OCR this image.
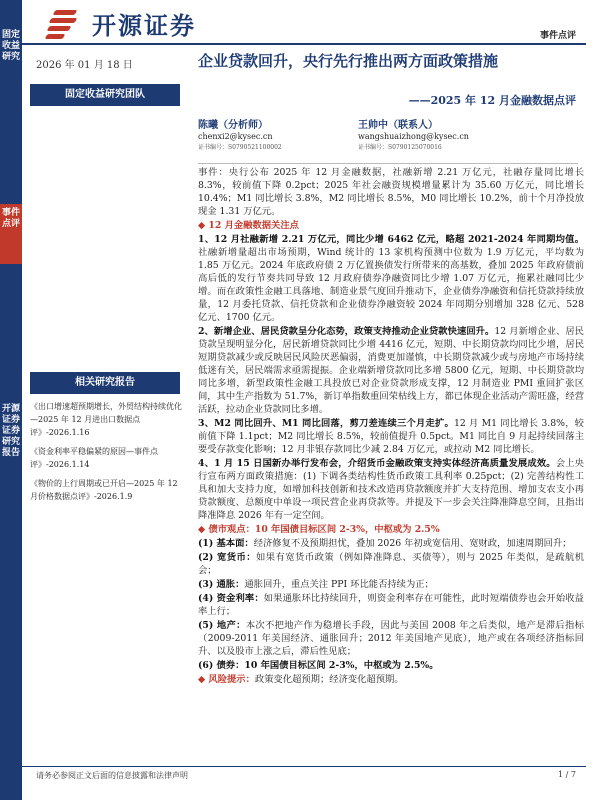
固定收益研究
事件点评
开源证券 证券研究报告
开源证券	事件点评
2026 年 01 月 18 日
固定收益研究团队
企业贷款回升，央行先行推出两方面政策措施
——2025 年 12 月金融数据点评
陈曦（分析师）
chenxi2@kysec.cn
证书编号：S0790521100002
王帅中（联系人）
wangshuaizhong@kysec.cn
证书编号：S0790125070016
相关研究报告
《出口增速超预期增长，外贸结构持续优化—2025 年 12 月进出口数据点评》-2026.1.16
《资金利率平稳偏紧的原因—事件点评》-2026.1.14
《物价的上行周期或已开启—2025 年 12 月价格数据点评》-2026.1.9

事件：央行公布 2025 年 12 月金融数据，社融新增 2.21 万亿元，社融存量同比增长 8.3%，较前值下降 0.2pct；2025 年社会融资规模增量累计为 35.60 万亿元，同比增长 10.4%；M1 同比增长 3.8%，M2 同比增长 8.5%，M0 同比增长 10.2%，前十个月净投放现金 1.31 万亿元。

◆ 12 月金融数据关注点

1、12 月社融新增 2.21 万亿元，同比少增 6462 亿元，略超 2021-2024 年同期均值。社融新增量超出市场预期，Wind 统计的 13 家机构预测中位数为 1.9 万亿元，平均数为 1.85 万亿元。2024 年底政府债 2 万亿置换债发行所带来的高基数，叠加 2025 年政府债前高后低的发行节奏共同导致 12 月政府债券净融资同比少增 1.07 万亿元，拖累社融同比少增。而在政策性金融工具落地、制造业景气度回升推动下，企业债券净融资和信托贷款持续放量，12 月委托贷款、信托贷款和企业债券净融资较 2024 年同期分别增加 328 亿元、528 亿元、1700 亿元。

2、新增企业、居民贷款呈分化态势，政策支持推动企业贷款快速回升。12 月新增企业、居民贷款呈现明显分化，居民新增贷款同比少增 4416 亿元，短期、中长期贷款均同比少增，居民短期贷款减少或反映居民风险厌恶偏弱，消费更加谨慎，中长期贷款减少或与房地产市场持续低迷有关，居民端需求亟需提振。企业端新增贷款同比多增 5800 亿元，短期、中长期贷款均同比多增，新型政策性金融工具投放已对企业贷款形成支撑，12 月制造业 PMI 重回扩张区间，其中生产指数为 51.7%，新订单指数重回荣枯线上方，都已体现企业活动产需旺盛，经营活跃，拉动企业贷款同比多增。

3、M2 同比回升、M1 同比回落，剪刀差连续三个月走扩。12 月 M1 同比增长 3.8%，较前值下降 1.1pct；M2 同比增长 8.5%，较前值提升 0.5pct。M1 同比自 9 月起持续回落主要受存款变化影响；12 月非银存款同比少减 2.84 万亿元，或拉动 M2 同比增长。

4、1 月 15 日国新办举行发布会，介绍货币金融政策支持实体经济高质量发展成效。会上央行宣布两方面政策措施：(1) 下调各类结构性货币政策工具利率 0.25pct；(2) 完善结构性工具和加大支持力度，如增加科技创新和技术改造再贷款额度并扩大支持范围、增加支农支小再贷款额度、总额度中单设一项民营企业再贷款等。并提及下一步会关注降准降息空间，且指出降准降息 2026 年有一定空间。

◆ 债市观点：10 年国债目标区间 2-3%，中枢或为 2.5%

(1) 基本面：经济修复不及预期担忧，叠加 2026 年初或宽信用、宽财政，加速周期回升；

(2) 宽货币：如果有宽货币政策（例如降准降息、买债等），则与 2025 年类似，是疏航机会；

(3) 通胀：通胀回升，重点关注 PPI 环比能否持续为正；

(4) 资金利率：如果通胀环比持续回升，则资金利率存在可能性，此时短端债券也会开始收益率上行；

(5) 地产：本次不把地产作为稳增长手段，因此与美国 2008 年之后类似，地产是滞后指标（2009-2011 年美国经济、通胀回升；2012 年美国地产见底），地产或在各项经济指标回升、以及股市上涨之后，滞后性见底；

(6) 债券：10 年国债目标区间 2-3%，中枢或为 2.5%。

◆ 风险提示：政策变化超预期；经济变化超预期。

请务必参阅正文后面的信息披露和法律声明	1 / 7
